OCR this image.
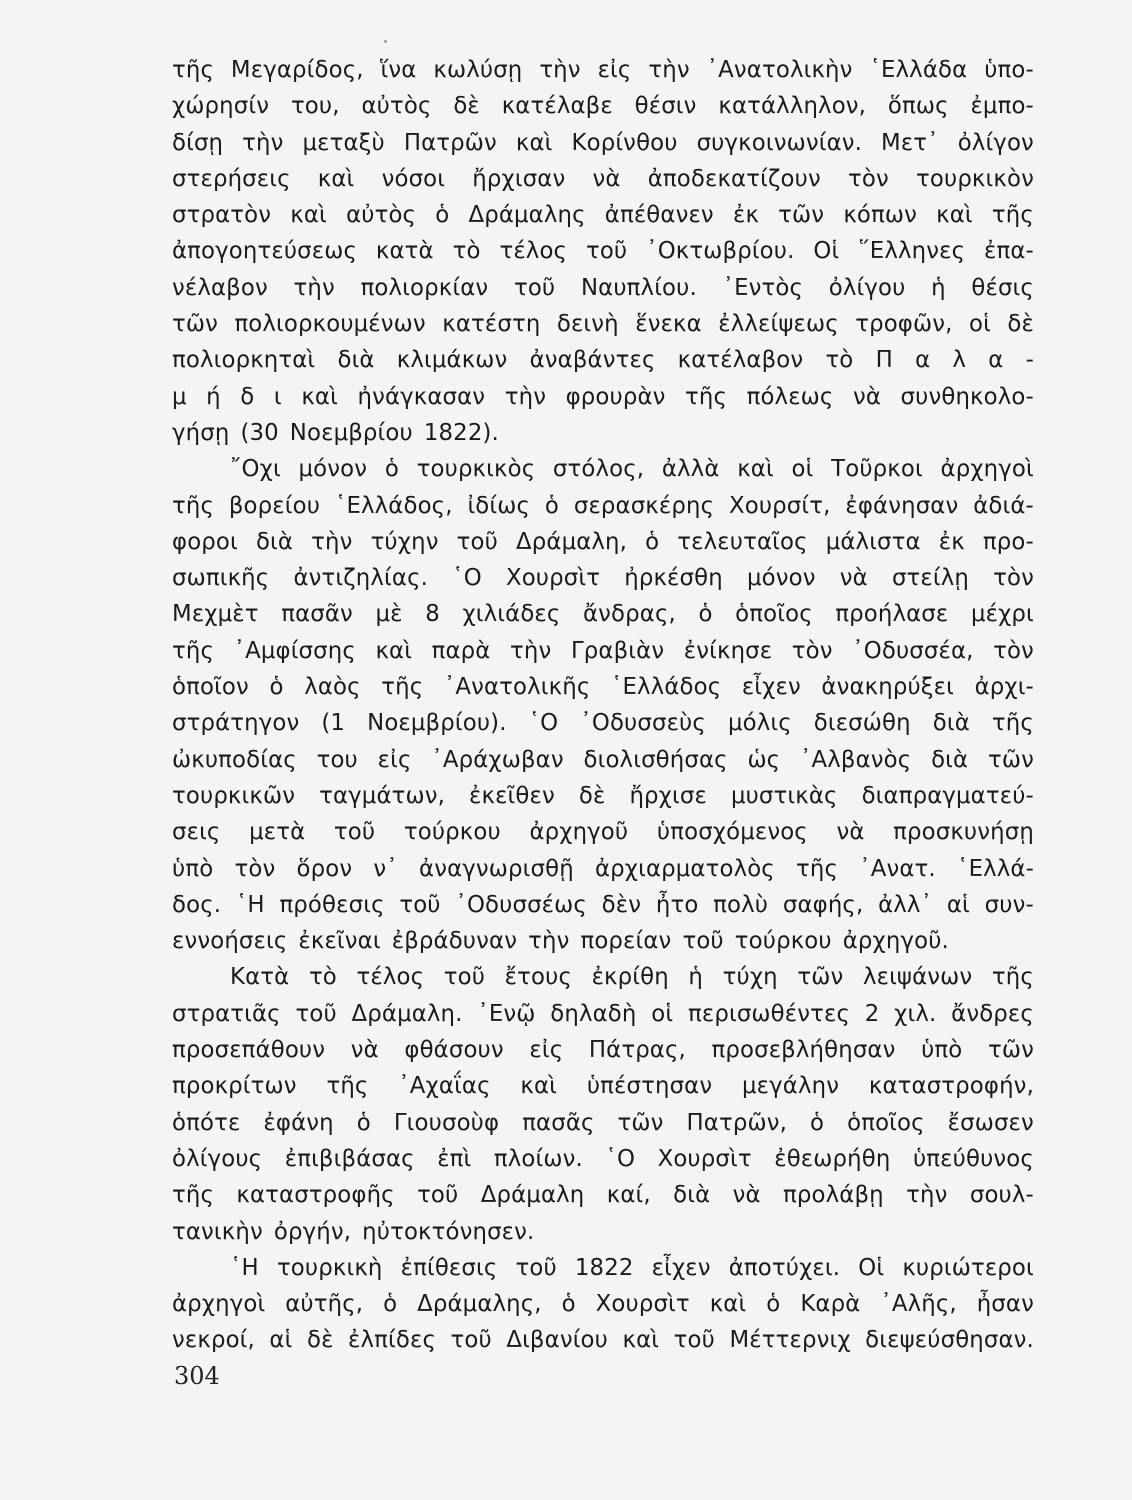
τῆς Μεγαρίδος, ἵνα κωλύσῃ τὴν εἰς τὴν ᾿Ανατολικὴν ῾Ελλάδα ὑπο-
χώρησίν του, αὐτὸς δὲ κατέλαβε θέσιν κατάλληλον, ὅπως ἐμπο-
δίσῃ τὴν μεταξὺ Πατρῶν καὶ Κορίνθου συγκοινωνίαν. Μετ᾿ ὀλίγον
στερήσεις καὶ νόσοι ἤρχισαν νὰ ἀποδεκατίζουν τὸν τουρκικὸν
στρατὸν καὶ αὐτὸς ὁ Δράμαλης ἀπέθανεν ἐκ τῶν κόπων καὶ τῆς
ἀπογοητεύσεως κατὰ τὸ τέλος τοῦ ᾿Οκτωβρίου. Οἱ ῞Ελληνες ἐπα-
νέλαβον τὴν πολιορκίαν τοῦ Ναυπλίου. ᾿Εντὸς ὀλίγου ἡ θέσις
τῶν πολιορκουμένων κατέστη δεινὴ ἕνεκα ἐλλείψεως τροφῶν, οἱ δὲ
πολιορκηταὶ διὰ κλιμάκων ἀναβάντες κατέλαβον τὸ Π α λ α -
μ ή δ ι καὶ ἠνάγκασαν τὴν φρουρὰν τῆς πόλεως νὰ συνθηκολο-
γήσῃ (30 Νοεμβρίου 1822).
῎Οχι μόνον ὁ τουρκικὸς στόλος, ἀλλὰ καὶ οἱ Τοῦρκοι ἀρχηγοὶ
τῆς βορείου ῾Ελλάδος, ἰδίως ὁ σερασκέρης Χουρσίτ, ἐφάνησαν ἀδιά-
φοροι διὰ τὴν τύχην τοῦ Δράμαλη, ὁ τελευταῖος μάλιστα ἐκ προ-
σωπικῆς ἀντιζηλίας. ῾Ο Χουρσὶτ ἠρκέσθη μόνον νὰ στείλῃ τὸν
Μεχμὲτ πασᾶν μὲ 8 χιλιάδες ἄνδρας, ὁ ὁποῖος προήλασε μέχρι
τῆς ᾿Αμφίσσης καὶ παρὰ τὴν Γραβιὰν ἐνίκησε τὸν ᾿Οδυσσέα, τὸν
ὁποῖον ὁ λαὸς τῆς ᾿Ανατολικῆς ῾Ελλάδος εἶχεν ἀνακηρύξει ἀρχι-
στράτηγον (1 Νοεμβρίου). ῾Ο ᾿Οδυσσεὺς μόλις διεσώθη διὰ τῆς
ὠκυποδίας του εἰς ᾿Αράχωβαν διολισθήσας ὡς ᾿Αλβανὸς διὰ τῶν
τουρκικῶν ταγμάτων, ἐκεῖθεν δὲ ἤρχισε μυστικὰς διαπραγματεύ-
σεις μετὰ τοῦ τούρκου ἀρχηγοῦ ὑποσχόμενος νὰ προσκυνήσῃ
ὑπὸ τὸν ὅρον ν᾿ ἀναγνωρισθῇ ἀρχιαρματολὸς τῆς ᾿Ανατ. ῾Ελλά-
δος. ῾Η πρόθεσις τοῦ ᾿Οδυσσέως δὲν ἦτο πολὺ σαφής, ἀλλ᾿ αἱ συν-
εννοήσεις ἐκεῖναι ἐβράδυναν τὴν πορείαν τοῦ τούρκου ἀρχηγοῦ.
Κατὰ τὸ τέλος τοῦ ἔτους ἐκρίθη ἡ τύχη τῶν λειψάνων τῆς
στρατιᾶς τοῦ Δράμαλη. ᾿Ενῷ δηλαδὴ οἱ περισωθέντες 2 χιλ. ἄνδρες
προσεπάθουν νὰ φθάσουν εἰς Πάτρας, προσεβλήθησαν ὑπὸ τῶν
προκρίτων τῆς ᾿Αχαΐας καὶ ὑπέστησαν μεγάλην καταστροφήν,
ὁπότε ἐφάνη ὁ Γιουσοὺφ πασᾶς τῶν Πατρῶν, ὁ ὁποῖος ἔσωσεν
ὀλίγους ἐπιβιβάσας ἐπὶ πλοίων. ῾Ο Χουρσὶτ ἐθεωρήθη ὑπεύθυνος
τῆς καταστροφῆς τοῦ Δράμαλη καί, διὰ νὰ προλάβῃ τὴν σουλ-
τανικὴν ὀργήν, ηὐτοκτόνησεν.
῾Η τουρκικὴ ἐπίθεσις τοῦ 1822 εἶχεν ἀποτύχει. Οἱ κυριώτεροι
ἀρχηγοὶ αὐτῆς, ὁ Δράμαλης, ὁ Χουρσὶτ καὶ ὁ Καρὰ ᾿Αλῆς, ἦσαν
νεκροί, αἱ δὲ ἐλπίδες τοῦ Διβανίου καὶ τοῦ Μέττερνιχ διεψεύσθησαν.
304
